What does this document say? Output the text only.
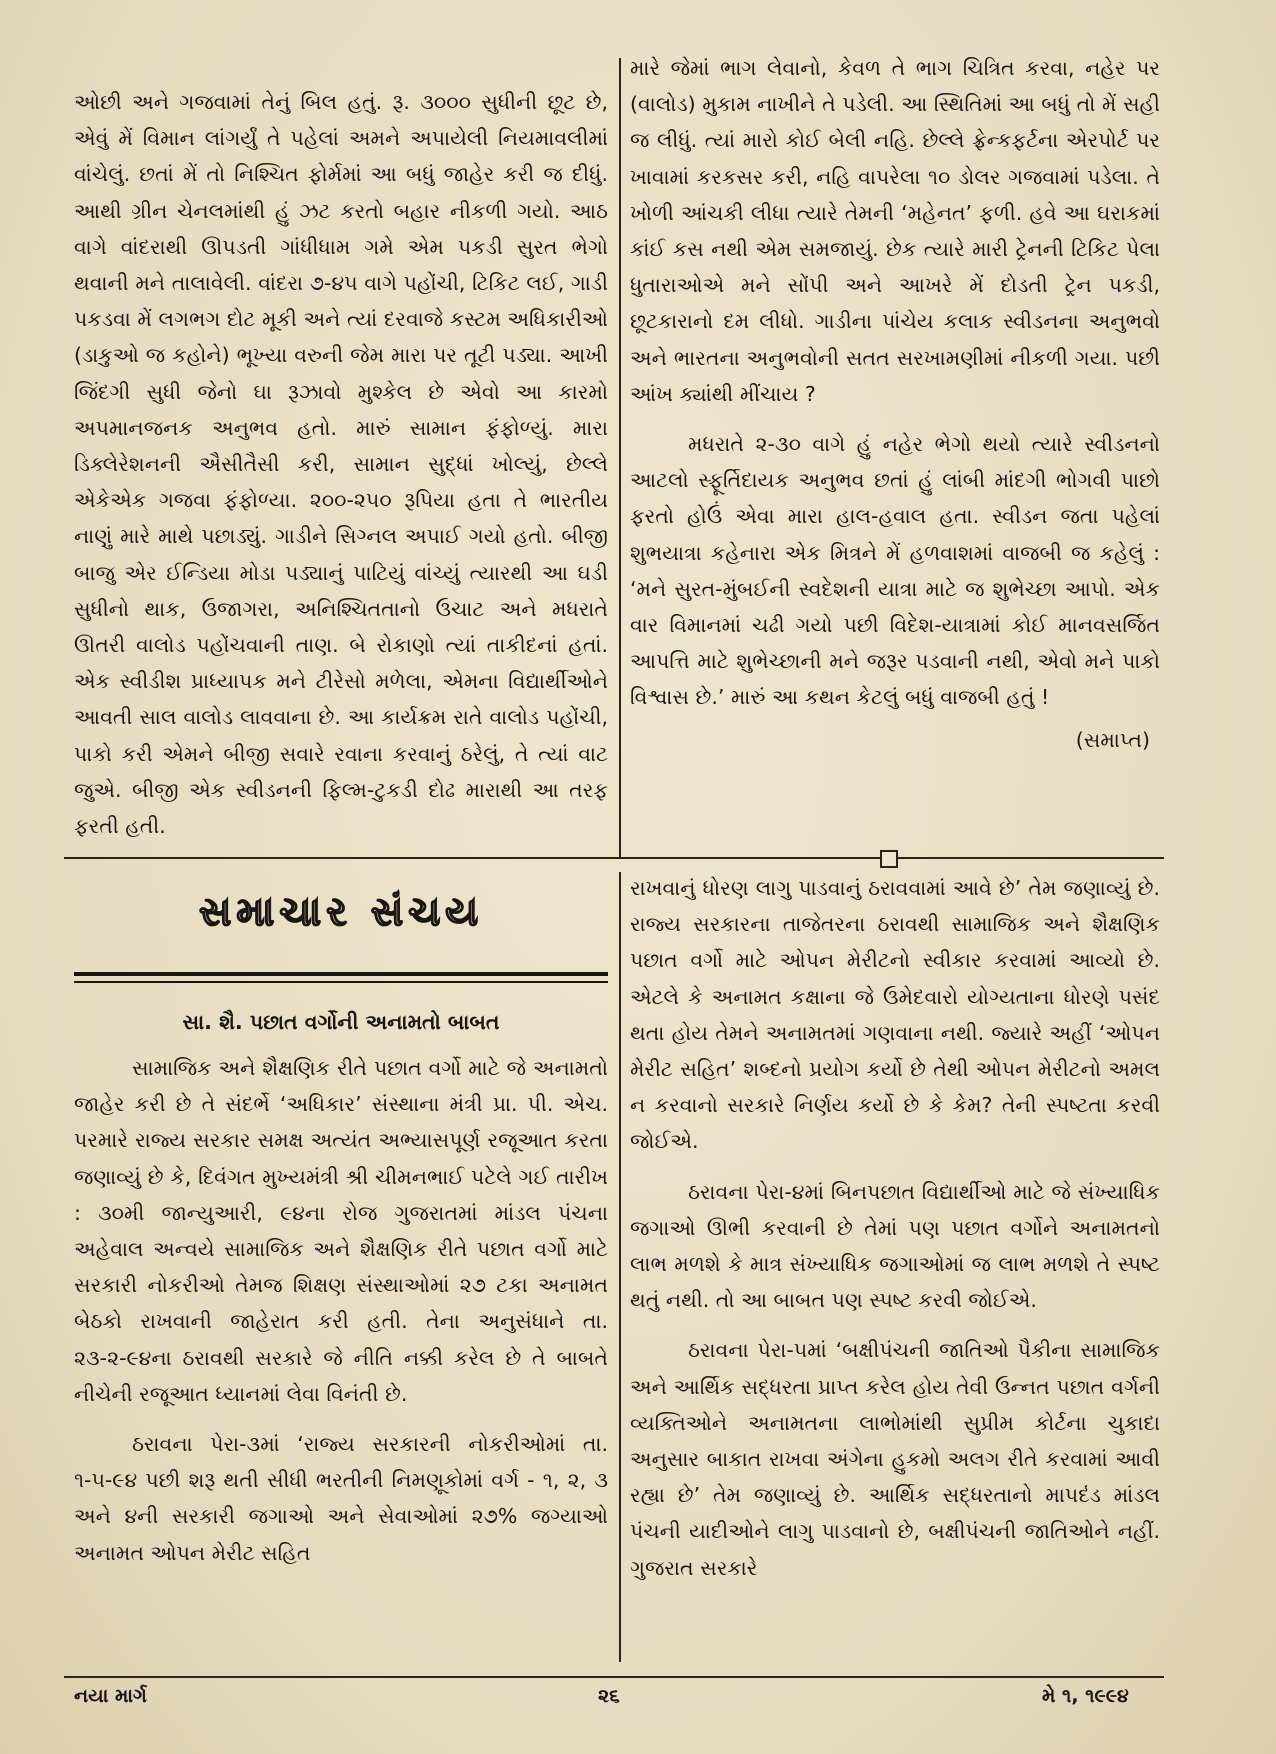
ઓછી અને ગજવામાં તેનું બિલ હતું. રૂ. ૩૦૦૦ સુધીની છૂટ છે, એવું મેં વિમાન લાંગર્યું તે પહેલાં અમને અપાયેલી નિયમાવલીમાં વાંચેલું. છતાં મેં તો નિશ્ચિત ફોર્મમાં આ બધું જાહેર કરી જ દીધું. આથી ગ્રીન ચેનલમાંથી હું ઝટ કરતો બહાર નીકળી ગયો. આઠ વાગે વાંદરાથી ઊપડતી ગાંધીધામ ગમે એમ પકડી સુરત ભેગો થવાની મને તાલાવેલી. વાંદરા ૭-૪૫ વાગે પહોંચી, ટિકિટ લઈ, ગાડી પકડવા મેં લગભગ દોટ મૂકી અને ત્યાં દરવાજે કસ્ટમ અધિકારીઓ (ડાકુઓ જ કહોને) ભૂખ્યા વરુની જેમ મારા પર તૂટી પડ્યા. આખી જિંદગી સુધી જેનો ઘા રૂઝાવો મુશ્કેલ છે એવો આ કારમો અપમાનજનક અનુભવ હતો. મારું સામાન ફંફોળ્યું. મારા ડિક્લેરેશનની ઐસીતૈસી કરી, સામાન સુદ્ધાં ખોલ્યું, છેલ્લે એકેએક ગજવા ફંફોળ્યા. ૨૦૦-૨૫૦ રૂપિયા હતા તે ભારતીય નાણું મારે માથે પછાડ્યું. ગાડીને સિગ્નલ અપાઈ ગયો હતો. બીજી બાજુ એર ઈન્ડિયા મોડા પડ્યાનું પાટિયું વાંચ્યું ત્યારથી આ ઘડી સુધીનો થાક, ઉજાગરા, અનિશ્ચિતતાનો ઉચાટ અને મધરાતે ઊતરી વાલોડ પહોંચવાની તાણ. બે રોકાણો ત્યાં તાકીદનાં હતાં. એક સ્વીડીશ પ્રાધ્યાપક મને ટીરેસો મળેલા, એમના વિદ્યાર્થીઓને આવતી સાલ વાલોડ લાવવાના છે. આ કાર્યક્રમ રાતે વાલોડ પહોંચી, પાકો કરી એમને બીજી સવારે રવાના કરવાનું ઠરેલું, તે ત્યાં વાટ જુએ. બીજી એક સ્વીડનની ફિલ્મ-ટુકડી દોઢ મારાથી આ તરફ ફરતી હતી.

મારે જેમાં ભાગ લેવાનો, કેવળ તે ભાગ ચિત્રિત કરવા, નહેર પર (વાલોડ) મુકામ નાખીને તે પડેલી. આ સ્થિતિમાં આ બધું તો મેં સહી જ લીધું. ત્યાં મારો કોઈ બેલી નહિ. છેલ્લે ફ્રેન્કફર્ટના એરપોર્ટ પર ખાવામાં કરકસર કરી, નહિ વાપરેલા ૧૦ ડોલર ગજવામાં પડેલા. તે ખોળી આંચકી લીધા ત્યારે તેમની ‘મહેનત’ ફળી. હવે આ ઘરાકમાં કાંઈ કસ નથી એમ સમજાયું. છેક ત્યારે મારી ટ્રેનની ટિકિટ પેલા ધુતારાઓએ મને સોંપી અને આખરે મેં દોડતી ટ્રેન પકડી, છૂટકારાનો દમ લીધો. ગાડીના પાંચેય કલાક સ્વીડનના અનુભવો અને ભારતના અનુભવોની સતત સરખામણીમાં નીકળી ગયા. પછી આંખ ક્યાંથી મીંચાય ?

મધરાતે ૨-૩૦ વાગે હું નહેર ભેગો થયો ત્યારે સ્વીડનનો આટલો સ્ફૂર્તિદાયક અનુભવ છતાં હું લાંબી માંદગી ભોગવી પાછો ફરતો હોઉં એવા મારા હાલ-હવાલ હતા. સ્વીડન જતા પહેલાં શુભયાત્રા કહેનારા એક મિત્રને મેં હળવાશમાં વાજબી જ કહેલું : ‘મને સુરત-મુંબઈની સ્વદેશની યાત્રા માટે જ શુભેચ્છા આપો. એક વાર વિમાનમાં ચઢી ગયો પછી વિદેશ-યાત્રામાં કોઈ માનવસર્જિત આપત્તિ માટે શુભેચ્છાની મને જરૂર પડવાની નથી, એવો મને પાકો વિશ્વાસ છે.’ મારું આ કથન કેટલું બધું વાજબી હતું !

(સમાપ્ત)

સમાચાર સંચય
સા. શૈ. પછાત વર્ગોની અનામતો બાબત

સામાજિક અને શૈક્ષણિક રીતે પછાત વર્ગો માટે જે અનામતો જાહેર કરી છે તે સંદર્ભે ‘અધિકાર’ સંસ્થાના મંત્રી પ્રા. પી. એચ. પરમારે રાજ્ય સરકાર સમક્ષ અત્યંત અભ્યાસપૂર્ણ રજૂઆત કરતા જણાવ્યું છે કે, દિવંગત મુખ્યમંત્રી શ્રી ચીમનભાઈ પટેલે ગઈ તારીખ : ૩૦મી જાન્યુઆરી, ૯૪ના રોજ ગુજરાતમાં માંડલ પંચના અહેવાલ અન્વયે સામાજિક અને શૈક્ષણિક રીતે પછાત વર્ગો માટે સરકારી નોકરીઓ તેમજ શિક્ષણ સંસ્થાઓમાં ૨૭ ટકા અનામત બેઠકો રાખવાની જાહેરાત કરી હતી. તેના અનુસંધાને તા. ૨૩-૨-૯૪ના ઠરાવથી સરકારે જે નીતિ નક્કી કરેલ છે તે બાબતે નીચેની રજૂઆત ધ્યાનમાં લેવા વિનંતી છે.

ઠરાવના પેરા-૩માં ‘રાજ્ય સરકારની નોકરીઓમાં તા. ૧-૫-૯૪ પછી શરૂ થતી સીધી ભરતીની નિમણૂકોમાં વર્ગ - ૧, ૨, ૩ અને ૪ની સરકારી જગાઓ અને સેવાઓમાં ૨૭% જગ્યાઓ અનામત ઓપન મેરીટ સહિત

રાખવાનું ધોરણ લાગુ પાડવાનું ઠરાવવામાં આવે છે’ તેમ જણાવ્યું છે. રાજ્ય સરકારના તાજેતરના ઠરાવથી સામાજિક અને શૈક્ષણિક પછાત વર્ગો માટે ઓપન મેરીટનો સ્વીકાર કરવામાં આવ્યો છે. એટલે કે અનામત કક્ષાના જે ઉમેદવારો યોગ્યતાના ધોરણે પસંદ થતા હોય તેમને અનામતમાં ગણવાના નથી. જ્યારે અહીં ‘ઓપન મેરીટ સહિત’ શબ્દનો પ્રયોગ કર્યો છે તેથી ઓપન મેરીટનો અમલ ન કરવાનો સરકારે નિર્ણય કર્યો છે કે કેમ? તેની સ્પષ્ટતા કરવી જોઈએ.

ઠરાવના પેરા-૪માં બિનપછાત વિદ્યાર્થીઓ માટે જે સંખ્યાધિક જગાઓ ઊભી કરવાની છે તેમાં પણ પછાત વર્ગોને અનામતનો લાભ મળશે કે માત્ર સંખ્યાધિક જગાઓમાં જ લાભ મળશે તે સ્પષ્ટ થતું નથી. તો આ બાબત પણ સ્પષ્ટ કરવી જોઈએ.

ઠરાવના પેરા-૫માં ‘બક્ષીપંચની જાતિઓ પૈકીના સામાજિક અને આર્થિક સદ્ધરતા પ્રાપ્ત કરેલ હોય તેવી ઉન્નત પછાત વર્ગની વ્યક્તિઓને અનામતના લાભોમાંથી સુપ્રીમ કોર્ટના ચુકાદા અનુસાર બાકાત રાખવા અંગેના હુકમો અલગ રીતે કરવામાં આવી રહ્યા છે’ તેમ જણાવ્યું છે. આર્થિક સદ્ધરતાનો માપદંડ માંડલ પંચની યાદીઓને લાગુ પાડવાનો છે, બક્ષીપંચની જાતિઓને નહીં. ગુજરાત સરકારે

નયા માર્ગ	૨૬	મે ૧, ૧૯૯૪
